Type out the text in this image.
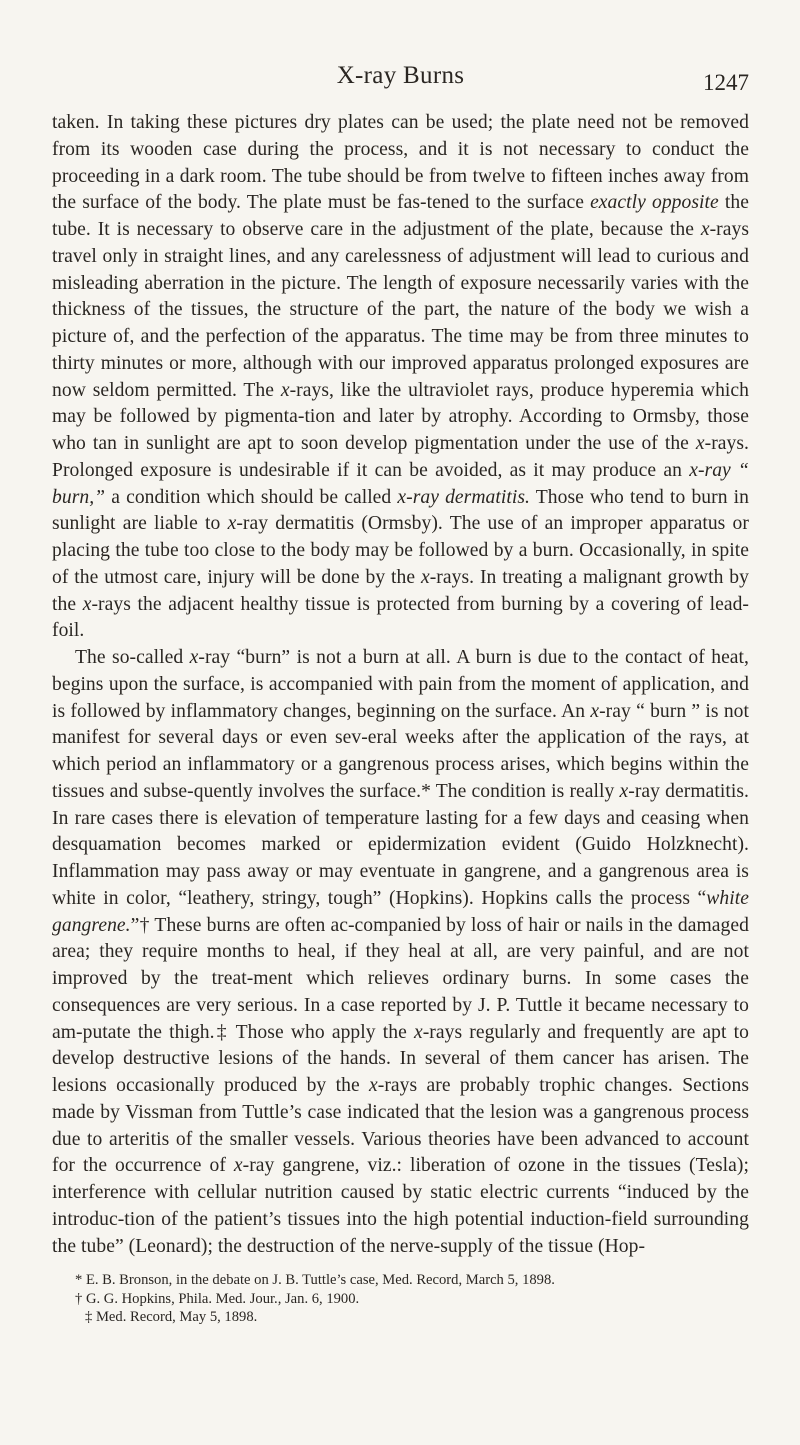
X-ray Burns	1247

taken. In taking these pictures dry plates can be used; the plate need not be removed from its wooden case during the process, and it is not necessary to conduct the proceeding in a dark room. The tube should be from twelve to fifteen inches away from the surface of the body. The plate must be fas-tened to the surface exactly opposite the tube. It is necessary to observe care in the adjustment of the plate, because the x-rays travel only in straight lines, and any carelessness of adjustment will lead to curious and misleading aberration in the picture. The length of exposure necessarily varies with the thickness of the tissues, the structure of the part, the nature of the body we wish a picture of, and the perfection of the apparatus. The time may be from three minutes to thirty minutes or more, although with our improved apparatus prolonged exposures are now seldom permitted. The x-rays, like the ultraviolet rays, produce hyperemia which may be followed by pigmenta-tion and later by atrophy. According to Ormsby, those who tan in sunlight are apt to soon develop pigmentation under the use of the x-rays. Prolonged exposure is undesirable if it can be avoided, as it may produce an x-ray “ burn,” a condition which should be called x-ray dermatitis. Those who tend to burn in sunlight are liable to x-ray dermatitis (Ormsby). The use of an improper apparatus or placing the tube too close to the body may be followed by a burn. Occasionally, in spite of the utmost care, injury will be done by the x-rays. In treating a malignant growth by the x-rays the adjacent healthy tissue is protected from burning by a covering of lead-foil.

The so-called x-ray “burn” is not a burn at all. A burn is due to the contact of heat, begins upon the surface, is accompanied with pain from the moment of application, and is followed by inflammatory changes, beginning on the surface. An x-ray “ burn ” is not manifest for several days or even sev-eral weeks after the application of the rays, at which period an inflammatory or a gangrenous process arises, which begins within the tissues and subse-quently involves the surface.* The condition is really x-ray dermatitis. In rare cases there is elevation of temperature lasting for a few days and ceasing when desquamation becomes marked or epidermization evident (Guido Holzknecht). Inflammation may pass away or may eventuate in gangrene, and a gangrenous area is white in color, “leathery, stringy, tough” (Hopkins). Hopkins calls the process “white gangrene.”† These burns are often ac-companied by loss of hair or nails in the damaged area; they require months to heal, if they heal at all, are very painful, and are not improved by the treat-ment which relieves ordinary burns. In some cases the consequences are very serious. In a case reported by J. P. Tuttle it became necessary to am-putate the thigh.‡ Those who apply the x-rays regularly and frequently are apt to develop destructive lesions of the hands. In several of them cancer has arisen. The lesions occasionally produced by the x-rays are probably trophic changes. Sections made by Vissman from Tuttle’s case indicated that the lesion was a gangrenous process due to arteritis of the smaller vessels. Various theories have been advanced to account for the occurrence of x-ray gangrene, viz.: liberation of ozone in the tissues (Tesla); interference with cellular nutrition caused by static electric currents “induced by the introduc-tion of the patient’s tissues into the high potential induction-field surrounding the tube” (Leonard); the destruction of the nerve-supply of the tissue (Hop-

* E. B. Bronson, in the debate on J. B. Tuttle’s case, Med. Record, March 5, 1898.
† G. G. Hopkins, Phila. Med. Jour., Jan. 6, 1900.
‡ Med. Record, May 5, 1898.
